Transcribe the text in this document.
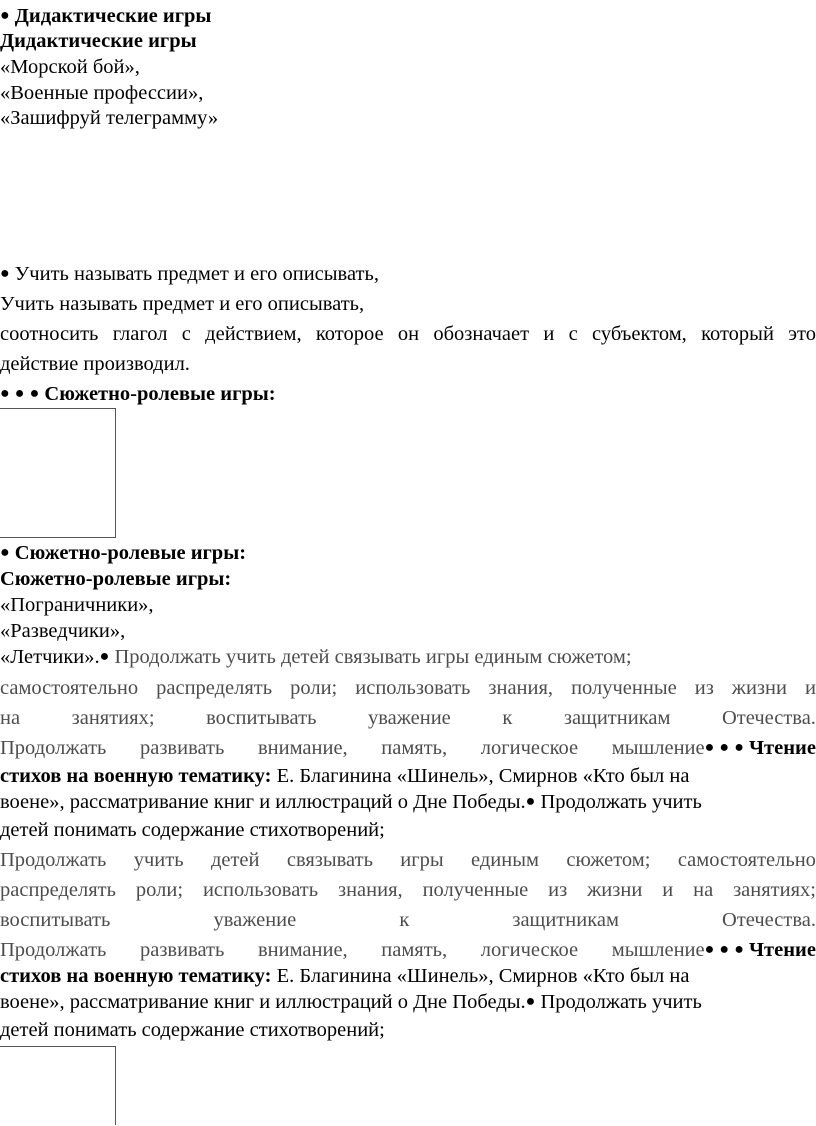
● Дидактические игры
Дидактические игры
«Морской бой»,
«Военные профессии»,
«Зашифруй телеграмму»
● Учить называть предмет и его описывать,
Учить называть предмет и его описывать,
соотносить глагол с действием, которое он обозначает и с субъектом, который это
действие производил.
● ● ● Сюжетно-ролевые игры:
● Сюжетно-ролевые игры:
Сюжетно-ролевые игры:
«Пограничники»,
«Разведчики»,
«Летчики».● Продолжать учить детей связывать игры единым сюжетом;
самостоятельно распределять роли; использовать знания, полученные из жизни и
на	занятиях;	воспитывать	уважение	к	защитникам	Отечества.
Продолжать развивать внимание, память, логическое мышление● ● ● Чтение
стихов на военную тематику: Е. Благинина «Шинель», Смирнов «Кто был на
военe», рассматривание книг и иллюстраций о Дне Победы.● Продолжать учить
детей понимать содержание стихотворений;
Продолжать учить детей связывать игры единым сюжетом; самостоятельно
распределять роли; использовать знания, полученные из жизни и на занятиях;
воспитывать	уважение	к	защитникам	Отечества.
Продолжать развивать внимание, память, логическое мышление● ● ● Чтение
стихов на военную тематику: Е. Благинина «Шинель», Смирнов «Кто был на
военe», рассматривание книг и иллюстраций о Дне Победы.● Продолжать учить
детей понимать содержание стихотворений;
